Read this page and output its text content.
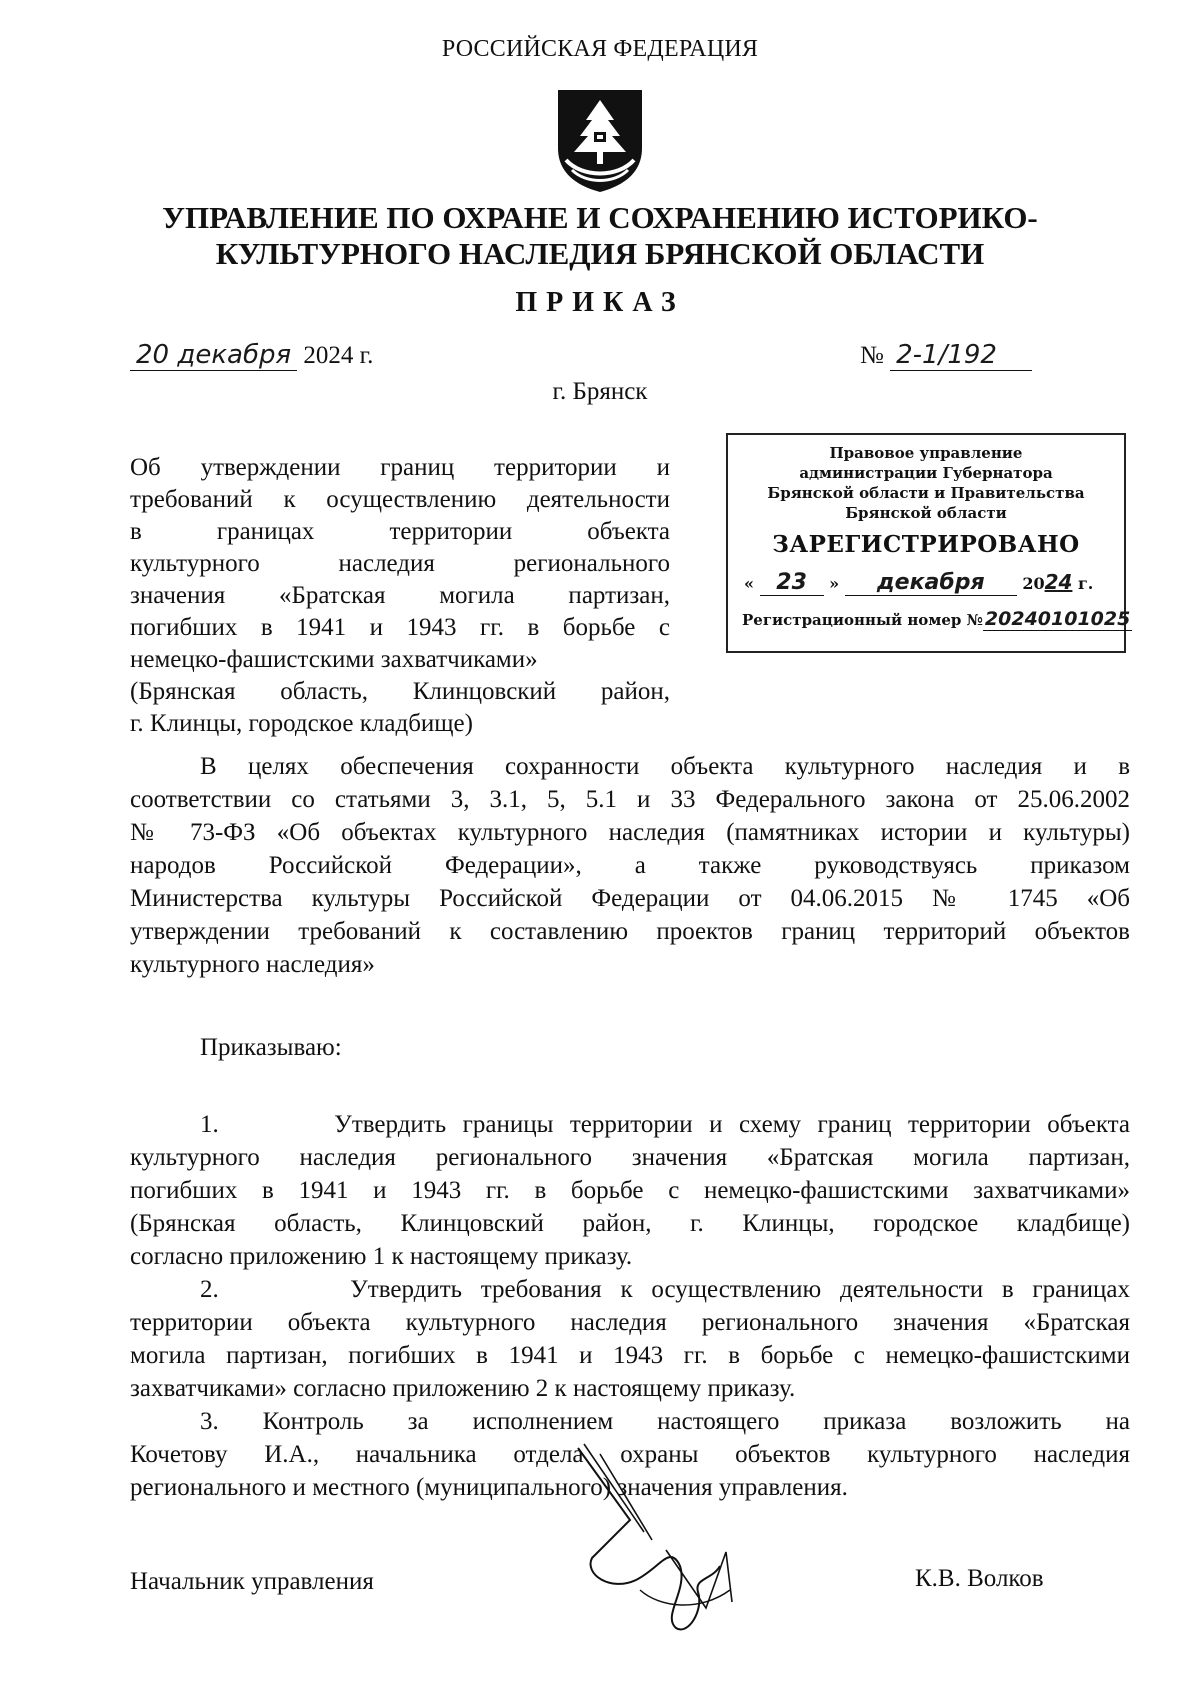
РОССИЙСКАЯ ФЕДЕРАЦИЯ
УПРАВЛЕНИЕ ПО ОХРАНЕ И СОХРАНЕНИЮ ИСТОРИКО-
КУЛЬТУРНОГО НАСЛЕДИЯ БРЯНСКОЙ ОБЛАСТИ
ПРИКАЗ
20 декабря 2024 г.	№ 2-1/192
г. Брянск
Об утверждении границ территории и
требований к осуществлению деятельности
в границах территории объекта
культурного наследия регионального
значения «Братская могила партизан,
погибших в 1941 и 1943 гг. в борьбе с
немецко-фашистскими захватчиками»
(Брянская область, Клинцовский район,
г. Клинцы, городское кладбище)
Правовое управление
администрации Губернатора
Брянской области и Правительства
Брянской области
ЗАРЕГИСТРИРОВАНО
« 23 » декабря 2024 г.
Регистрационный номер № 20240101025
В целях обеспечения сохранности объекта культурного наследия и в
соответствии со статьями 3, 3.1, 5, 5.1 и 33 Федерального закона от 25.06.2002
№ 73-ФЗ «Об объектах культурного наследия (памятниках истории и культуры)
народов Российской Федерации», а также руководствуясь приказом
Министерства культуры Российской Федерации от 04.06.2015 № 1745 «Об
утверждении требований к составлению проектов границ территорий объектов
культурного наследия»
Приказываю:
1.       Утвердить границы территории и схему границ территории объекта
культурного наследия регионального значения «Братская могила партизан,
погибших в 1941 и 1943 гг. в борьбе с немецко-фашистскими захватчиками»
(Брянская область, Клинцовский район, г. Клинцы, городское кладбище)
согласно приложению 1 к настоящему приказу.
2.       Утвердить требования к осуществлению деятельности в границах
территории объекта культурного наследия регионального значения «Братская
могила партизан, погибших в 1941 и 1943 гг. в борьбе с немецко-фашистскими
захватчиками» согласно приложению 2 к настоящему приказу.
3. Контроль за исполнением настоящего приказа возложить на
Кочетову И.А., начальника отдела охраны объектов культурного наследия
регионального и местного (муниципального) значения управления.
Начальник управления	К.В. Волков
